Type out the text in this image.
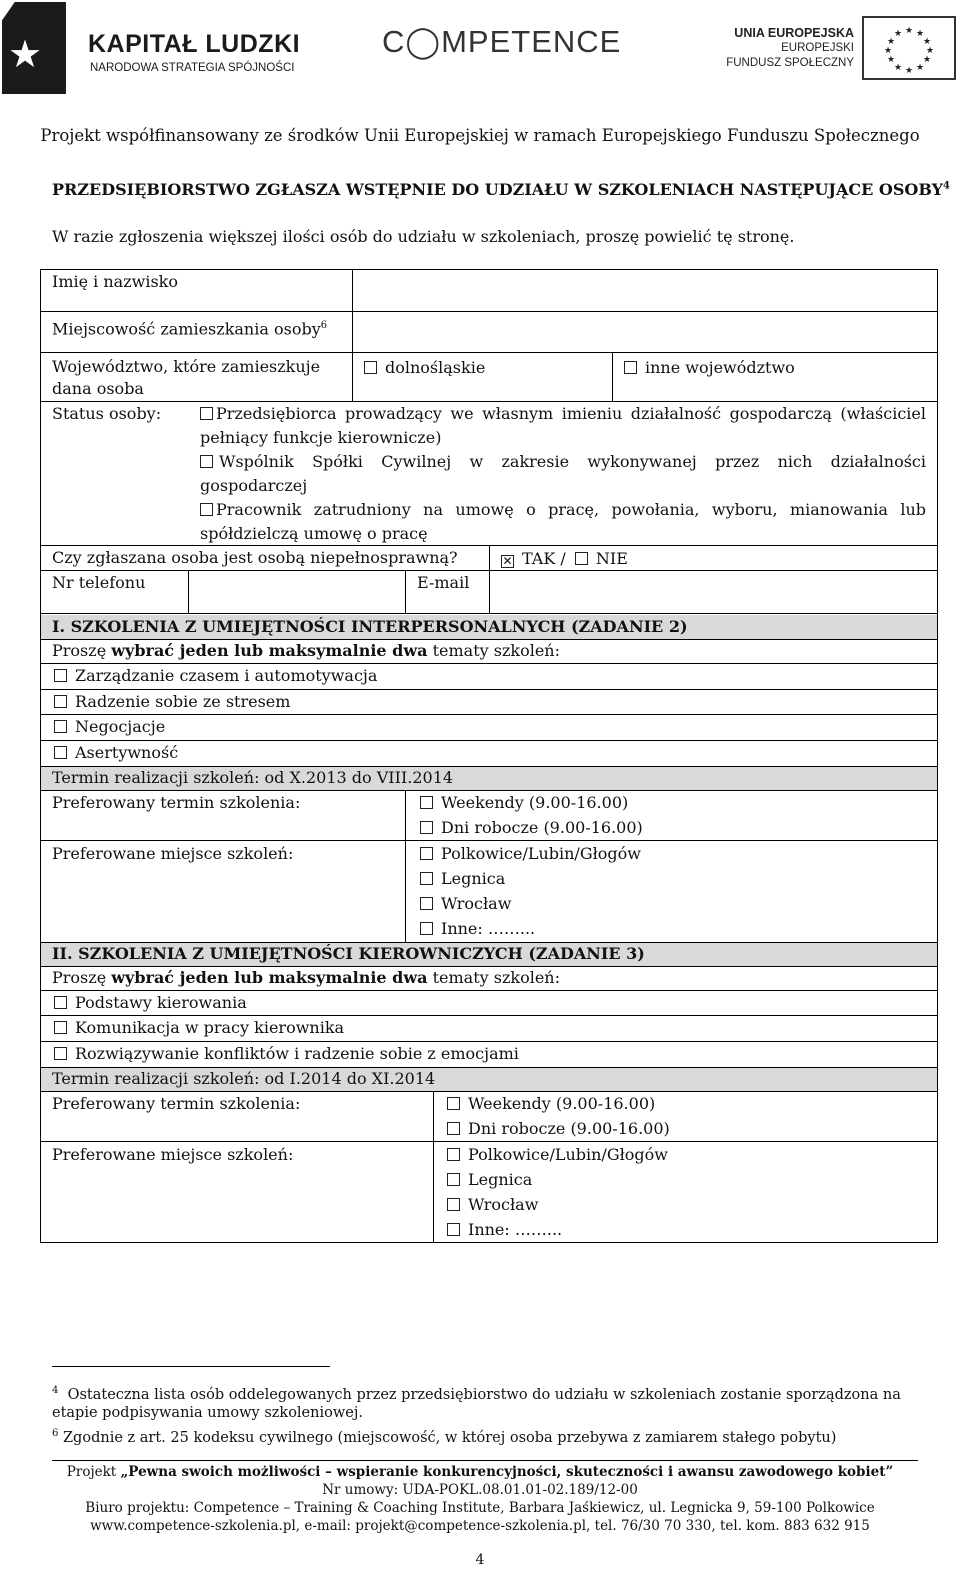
★
KAPITAŁ LUDZKI
NARODOWA STRATEGIA SPÓJNOŚCI
C◯MPETENCE	UNIA EUROPEJSKA
EUROPEJSKI
FUNDUSZ SPOŁECZNY
★ ★
★
★
★
★
★
★
★
★
★
★
Projekt współfinansowany ze środków Unii Europejskiej w ramach Europejskiego Funduszu Społecznego
PRZEDSIĘBIORSTWO ZGŁASZA WSTĘPNIE DO UDZIAŁU W SZKOLENIACH NASTĘPUJĄCE OSOBY$^4$
W razie zgłoszenia większej ilości osób do udziału w szkoleniach, proszę powielić tę stronę.
Imię i nazwisko
Miejscowość zamieszkania osoby$^6$
Województwo, które zamieszkuje
dana osoba
dolnośląskie	inne województwo
Status osoby:	Przedsiębiorca prowadzący we własnym imieniu działalność gospodarczą (właściciel
pełniący funkcje kierownicze)
Wspólnik Spółki Cywilnej w zakresie wykonywanej przez nich działalności
gospodarczej
Pracownik zatrudniony na umowę o pracę, powołania, wyboru, mianowania lub
spółdzielczą umowę o pracę
Czy zgłaszana osoba jest osobą niepełnosprawną?	✕ TAK / NIE
Nr telefonu	E-mail
I. SZKOLENIA Z UMIEJĘTNOŚCI INTERPERSONALNYCH (ZADANIE 2)
Proszę wybrać jeden lub maksymalnie dwa tematy szkoleń:
Zarządzanie czasem i automotywacja
Radzenie sobie ze stresem
Negocjacje
Asertywność
Termin realizacji szkoleń: od X.2013 do VIII.2014
Preferowany termin szkolenia:	Weekendy (9.00-16.00)
Dni robocze (9.00-16.00)
Preferowane miejsce szkoleń:	Polkowice/Lubin/Głogów
Legnica
Wrocław
Inne: ……...
II. SZKOLENIA Z UMIEJĘTNOŚCI KIEROWNICZYCH (ZADANIE 3)
Proszę wybrać jeden lub maksymalnie dwa tematy szkoleń:
Podstawy kierowania
Komunikacja w pracy kierownika
Rozwiązywanie konfliktów i radzenie sobie z emocjami
Termin realizacji szkoleń: od I.2014 do XI.2014
Preferowany termin szkolenia:	Weekendy (9.00-16.00)
Dni robocze (9.00-16.00)
Preferowane miejsce szkoleń:	Polkowice/Lubin/Głogów
Legnica
Wrocław
Inne: ……...
$^4$ Ostateczna lista osób oddelegowanych przez przedsiębiorstwo do udziału w szkoleniach zostanie sporządzona na
etapie podpisywania umowy szkoleniowej.
$^6$ Zgodnie z art. 25 kodeksu cywilnego (miejscowość, w której osoba przebywa z zamiarem stałego pobytu)
Projekt „Pewna swoich możliwości – wspieranie konkurencyjności, skuteczności i awansu zawodowego kobiet”
Nr umowy: UDA-POKL.08.01.01-02.189/12-00
Biuro projektu: Competence – Training & Coaching Institute, Barbara Jaśkiewicz, ul. Legnicka 9, 59-100 Polkowice
www.competence-szkolenia.pl, e-mail: projekt@competence-szkolenia.pl, tel. 76/30 70 330, tel. kom. 883 632 915
4
